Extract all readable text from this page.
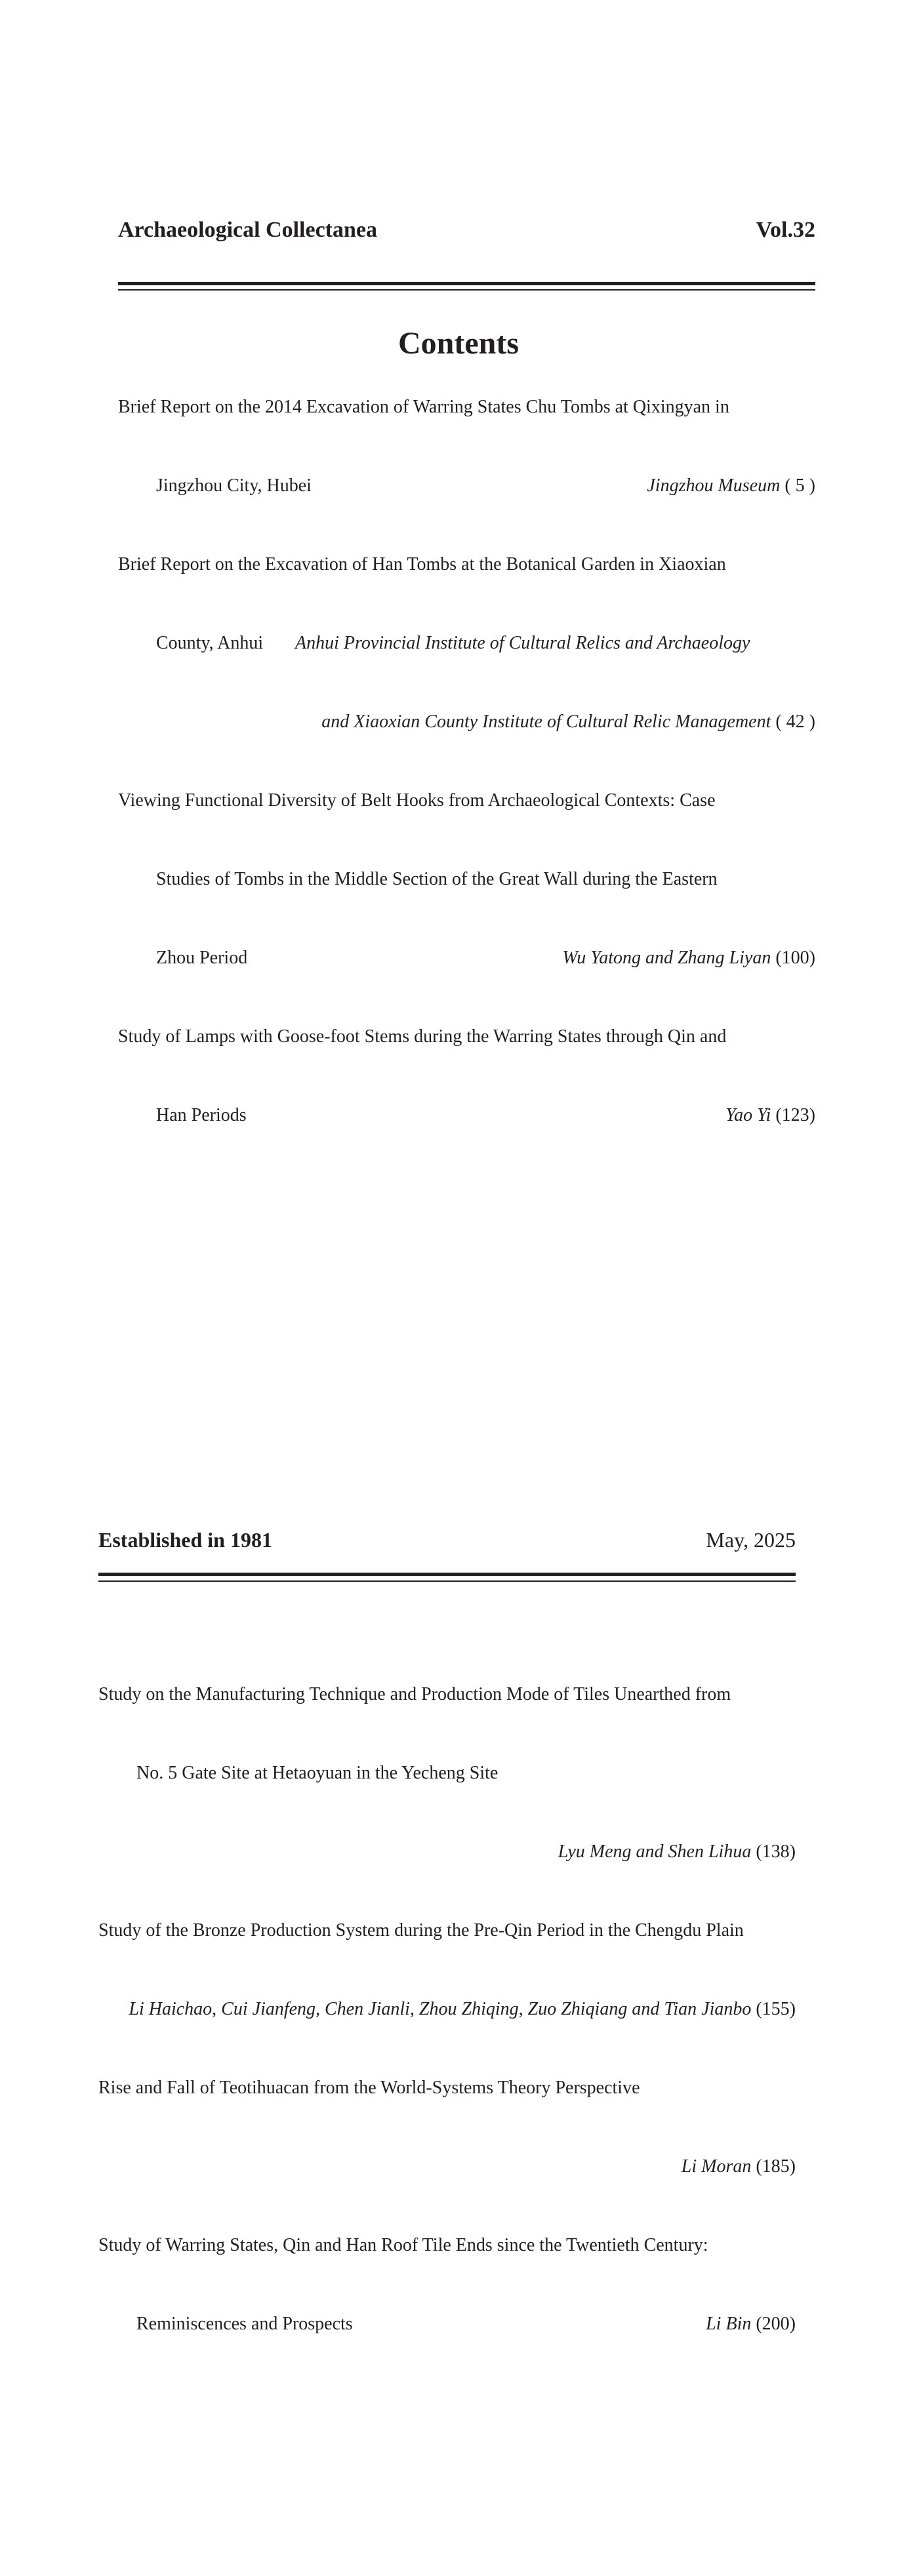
Archaeological Collectanea	Vol.32
Contents
Brief Report on the 2014 Excavation of Warring States Chu Tombs at Qixingyan in
Jingzhou City, Hubei	Jingzhou Museum ( 5 )
Brief Report on the Excavation of Han Tombs at the Botanical Garden in Xiaoxian
County, Anhui Anhui Provincial Institute of Cultural Relics and Archaeology
and Xiaoxian County Institute of Cultural Relic Management ( 42 )
Viewing Functional Diversity of Belt Hooks from Archaeological Contexts: Case
Studies of Tombs in the Middle Section of the Great Wall during the Eastern
Zhou Period	Wu Yatong and Zhang Liyan (100)
Study of Lamps with Goose-foot Stems during the Warring States through Qin and
Han Periods	Yao Yi (123)
Established in 1981	May, 2025
Study on the Manufacturing Technique and Production Mode of Tiles Unearthed from
No. 5 Gate Site at Hetaoyuan in the Yecheng Site
Lyu Meng and Shen Lihua (138)
Study of the Bronze Production System during the Pre-Qin Period in the Chengdu Plain
Li Haichao, Cui Jianfeng, Chen Jianli, Zhou Zhiqing, Zuo Zhiqiang and Tian Jianbo (155)
Rise and Fall of Teotihuacan from the World-Systems Theory Perspective
Li Moran (185)
Study of Warring States, Qin and Han Roof Tile Ends since the Twentieth Century:
Reminiscences and Prospects	Li Bin (200)
